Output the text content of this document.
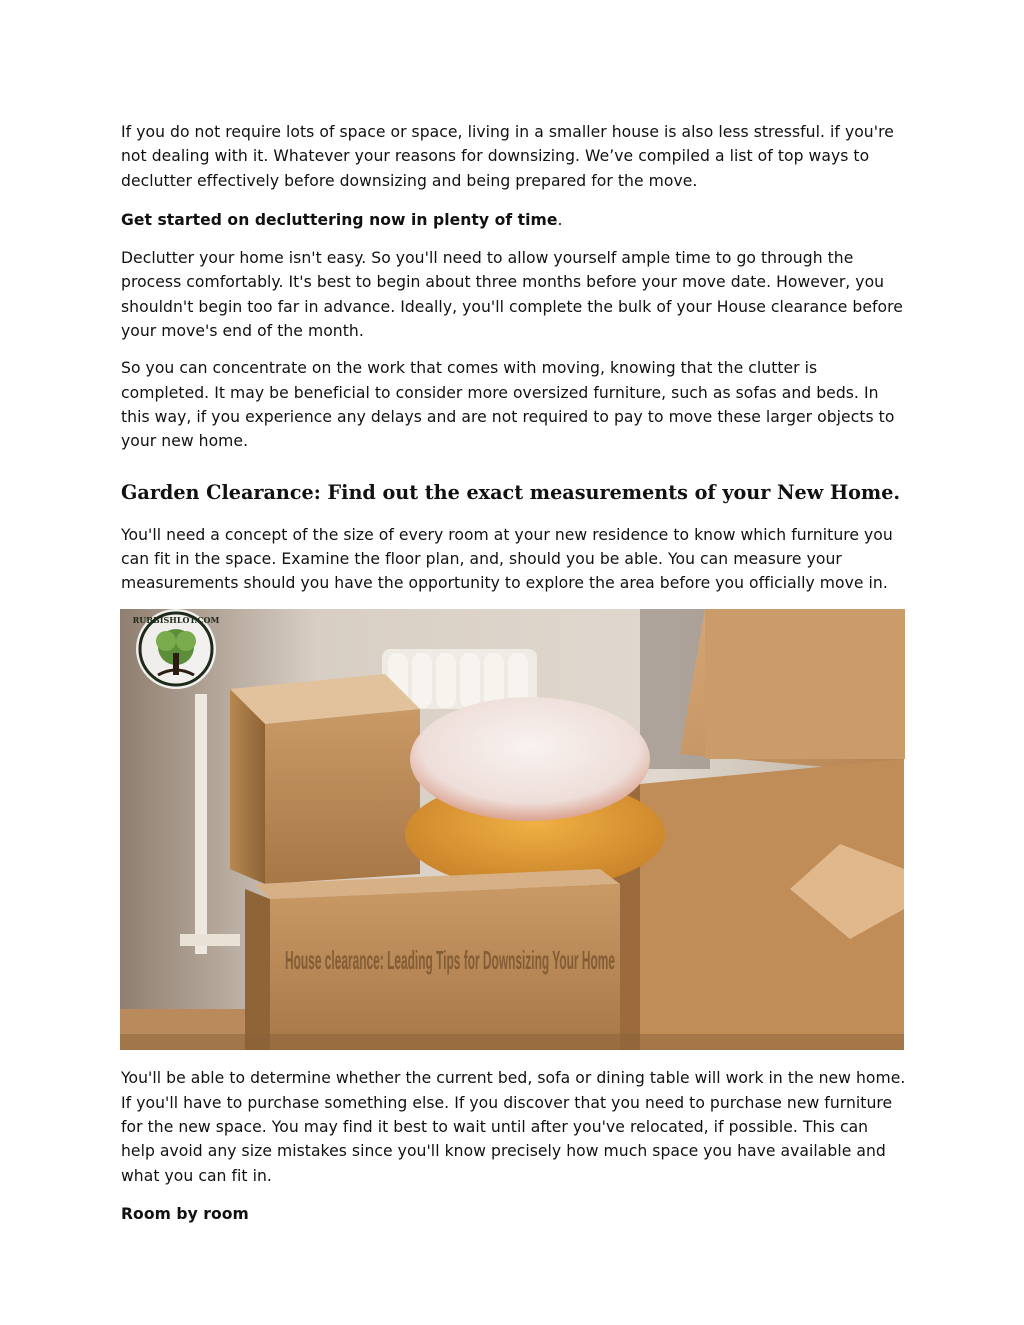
If you do not require lots of space or space, living in a smaller house is also less stressful. if you're not dealing with it. Whatever your reasons for downsizing. We’ve compiled a list of top ways to declutter effectively before downsizing and being prepared for the move.

Get started on decluttering now in plenty of time.

Declutter your home isn't easy. So you'll need to allow yourself ample time to go through the process comfortably. It's best to begin about three months before your move date. However, you shouldn't begin too far in advance. Ideally, you'll complete the bulk of your House clearance before your move's end of the month.

So you can concentrate on the work that comes with moving, knowing that the clutter is completed. It may be beneficial to consider more oversized furniture, such as sofas and beds. In this way, if you experience any delays and are not required to pay to move these larger objects to your new home.

Garden Clearance: Find out the exact measurements of your New Home.

You'll need a concept of the size of every room at your new residence to know which furniture you can fit in the space. Examine the floor plan, and, should you be able. You can measure your measurements should you have the opportunity to explore the area before you officially move in.

RUBBISHLOT.COM
House clearance: Leading Tips for Downsizing Your Home

You'll be able to determine whether the current bed, sofa or dining table will work in the new home. If you'll have to purchase something else. If you discover that you need to purchase new furniture for the new space. You may find it best to wait until after you've relocated, if possible. This can help avoid any size mistakes since you'll know precisely how much space you have available and what you can fit in.

Room by room
